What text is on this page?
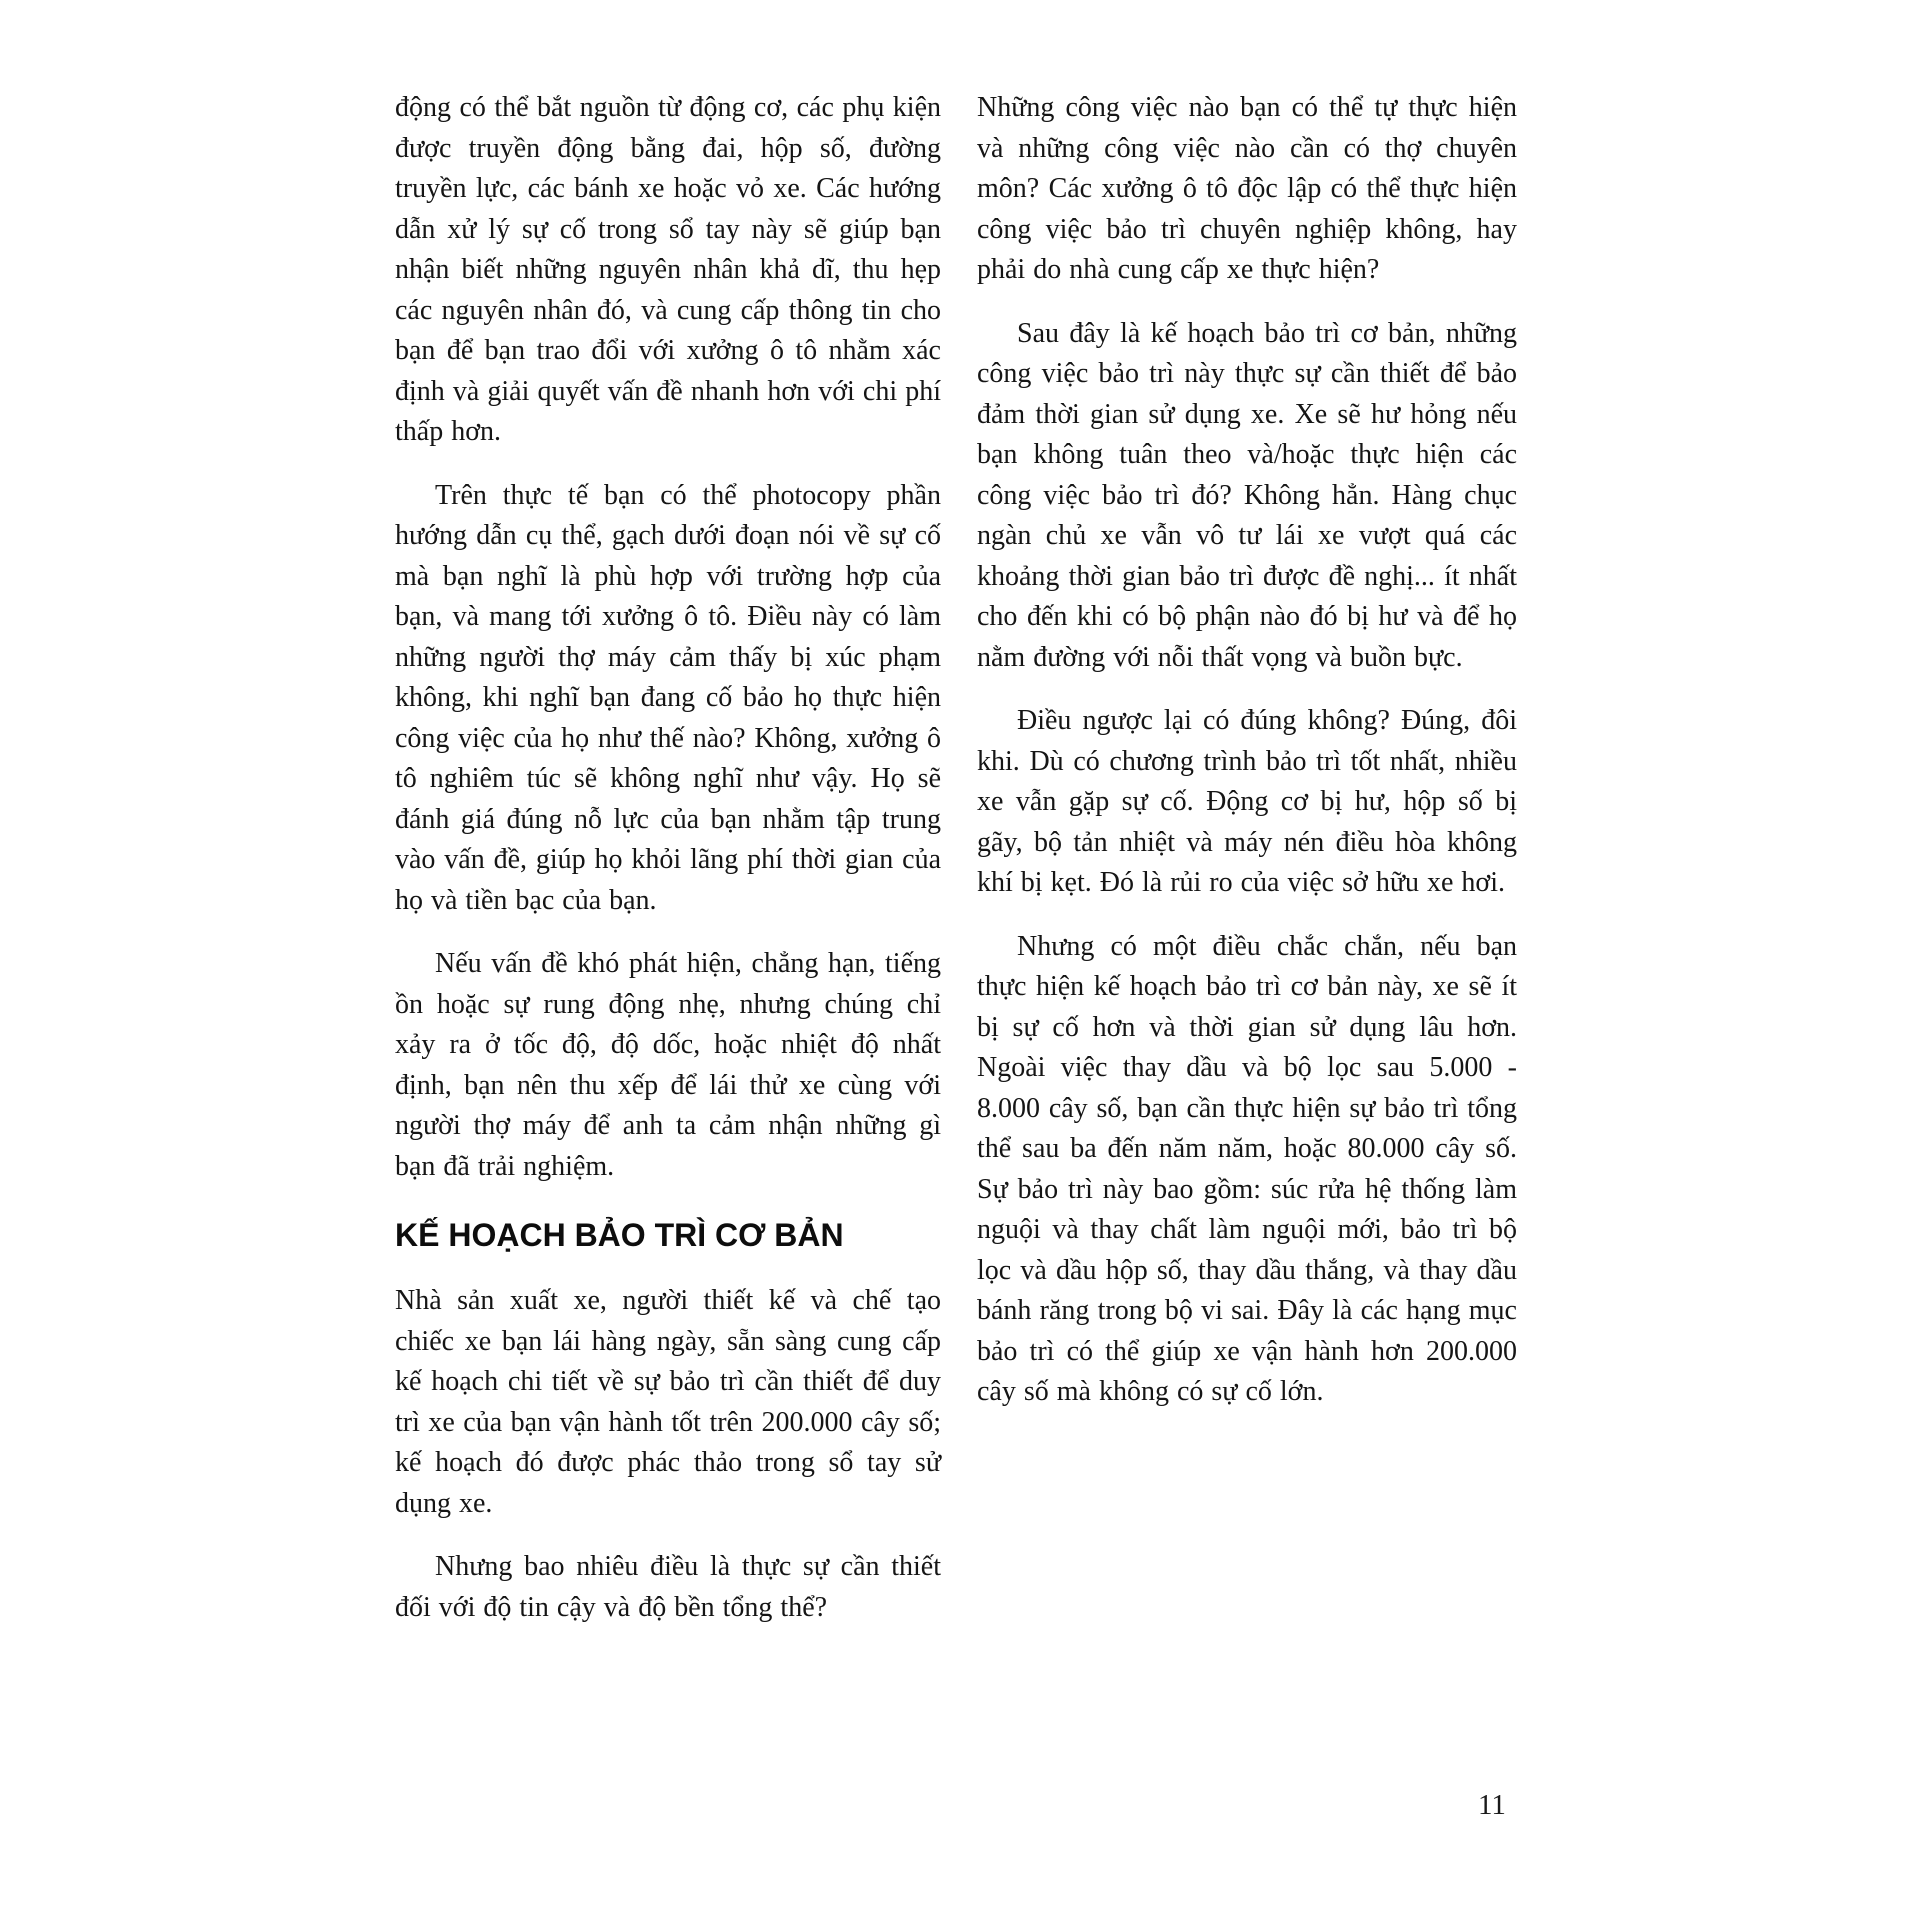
động có thể bắt nguồn từ động cơ, các phụ kiện được truyền động bằng đai, hộp số, đường truyền lực, các bánh xe hoặc vỏ xe. Các hướng dẫn xử lý sự cố trong sổ tay này sẽ giúp bạn nhận biết những nguyên nhân khả dĩ, thu hẹp các nguyên nhân đó, và cung cấp thông tin cho bạn để bạn trao đổi với xưởng ô tô nhằm xác định và giải quyết vấn đề nhanh hơn với chi phí thấp hơn.

Trên thực tế bạn có thể photocopy phần hướng dẫn cụ thể, gạch dưới đoạn nói về sự cố mà bạn nghĩ là phù hợp với trường hợp của bạn, và mang tới xưởng ô tô. Điều này có làm những người thợ máy cảm thấy bị xúc phạm không, khi nghĩ bạn đang cố bảo họ thực hiện công việc của họ như thế nào? Không, xưởng ô tô nghiêm túc sẽ không nghĩ như vậy. Họ sẽ đánh giá đúng nỗ lực của bạn nhằm tập trung vào vấn đề, giúp họ khỏi lãng phí thời gian của họ và tiền bạc của bạn.

Nếu vấn đề khó phát hiện, chẳng hạn, tiếng ồn hoặc sự rung động nhẹ, nhưng chúng chỉ xảy ra ở tốc độ, độ dốc, hoặc nhiệt độ nhất định, bạn nên thu xếp để lái thử xe cùng với người thợ máy để anh ta cảm nhận những gì bạn đã trải nghiệm.

KẾ HOẠCH BẢO TRÌ CƠ BẢN

Nhà sản xuất xe, người thiết kế và chế tạo chiếc xe bạn lái hàng ngày, sẵn sàng cung cấp kế hoạch chi tiết về sự bảo trì cần thiết để duy trì xe của bạn vận hành tốt trên 200.000 cây số; kế hoạch đó được phác thảo trong sổ tay sử dụng xe.

Nhưng bao nhiêu điều là thực sự cần thiết đối với độ tin cậy và độ bền tổng thể?

Những công việc nào bạn có thể tự thực hiện và những công việc nào cần có thợ chuyên môn? Các xưởng ô tô độc lập có thể thực hiện công việc bảo trì chuyên nghiệp không, hay phải do nhà cung cấp xe thực hiện?

Sau đây là kế hoạch bảo trì cơ bản, những công việc bảo trì này thực sự cần thiết để bảo đảm thời gian sử dụng xe. Xe sẽ hư hỏng nếu bạn không tuân theo và/hoặc thực hiện các công việc bảo trì đó? Không hẳn. Hàng chục ngàn chủ xe vẫn vô tư lái xe vượt quá các khoảng thời gian bảo trì được đề nghị... ít nhất cho đến khi có bộ phận nào đó bị hư và để họ nằm đường với nỗi thất vọng và buồn bực.

Điều ngược lại có đúng không? Đúng, đôi khi. Dù có chương trình bảo trì tốt nhất, nhiều xe vẫn gặp sự cố. Động cơ bị hư, hộp số bị gãy, bộ tản nhiệt và máy nén điều hòa không khí bị kẹt. Đó là rủi ro của việc sở hữu xe hơi.

Nhưng có một điều chắc chắn, nếu bạn thực hiện kế hoạch bảo trì cơ bản này, xe sẽ ít bị sự cố hơn và thời gian sử dụng lâu hơn. Ngoài việc thay dầu và bộ lọc sau 5.000 - 8.000 cây số, bạn cần thực hiện sự bảo trì tổng thể sau ba đến năm năm, hoặc 80.000 cây số. Sự bảo trì này bao gồm: súc rửa hệ thống làm nguội và thay chất làm nguội mới, bảo trì bộ lọc và dầu hộp số, thay dầu thắng, và thay dầu bánh răng trong bộ vi sai. Đây là các hạng mục bảo trì có thể giúp xe vận hành hơn 200.000 cây số mà không có sự cố lớn.

11
